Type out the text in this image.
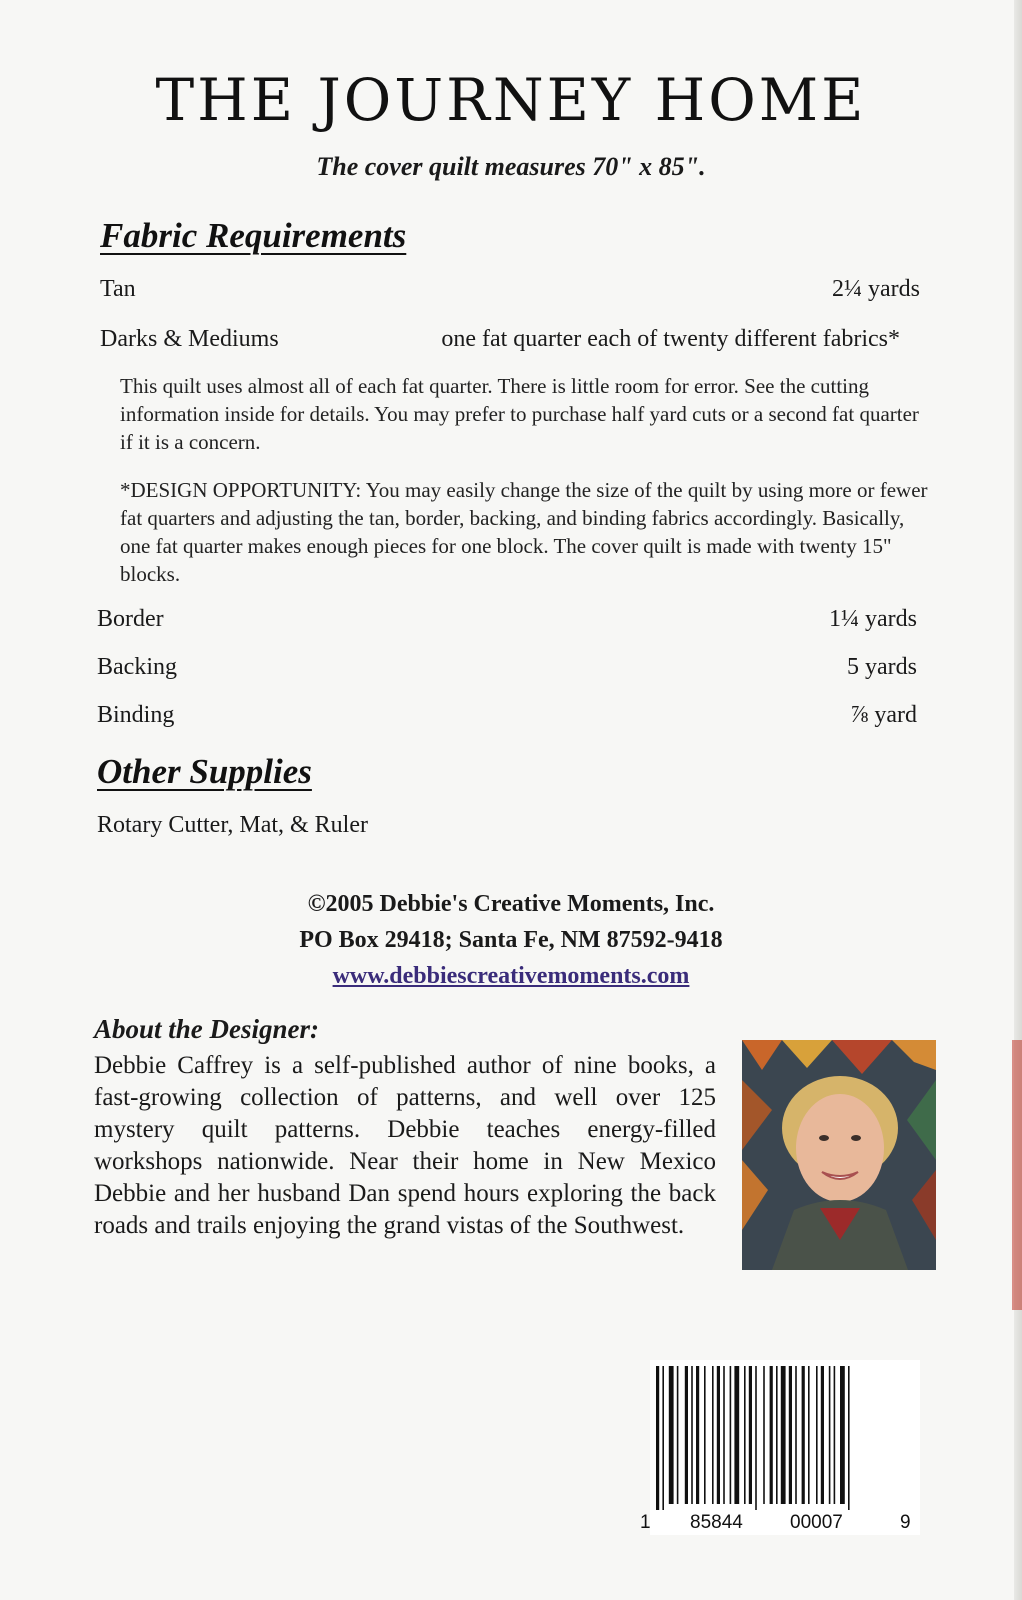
THE JOURNEY HOME
The cover quilt measures 70" x 85".
Fabric Requirements
Tan	2¼ yards
Darks & Mediums	one fat quarter each of twenty different fabrics*

This quilt uses almost all of each fat quarter. There is little room for error. See the cutting information inside for details. You may prefer to purchase half yard cuts or a second fat quarter if it is a concern.

*DESIGN OPPORTUNITY: You may easily change the size of the quilt by using more or fewer fat quarters and adjusting the tan, border, backing, and binding fabrics accordingly. Basically, one fat quarter makes enough pieces for one block. The cover quilt is made with twenty 15" blocks.

Border	1¼ yards
Backing	5 yards
Binding	⅞ yard
Other Supplies
Rotary Cutter, Mat, & Ruler
©2005 Debbie's Creative Moments, Inc.
PO Box 29418; Santa Fe, NM 87592-9418
www.debbiescreativemoments.com
About the Designer:
Debbie Caffrey is a self-published author of nine books, a fast-growing collection of patterns, and well over 125 mystery quilt patterns. Debbie teaches energy-filled workshops nationwide. Near their home in New Mexico Debbie and her husband Dan spend hours exploring the back roads and trails enjoying the grand vistas of the Southwest.
1 85844 00007	9
